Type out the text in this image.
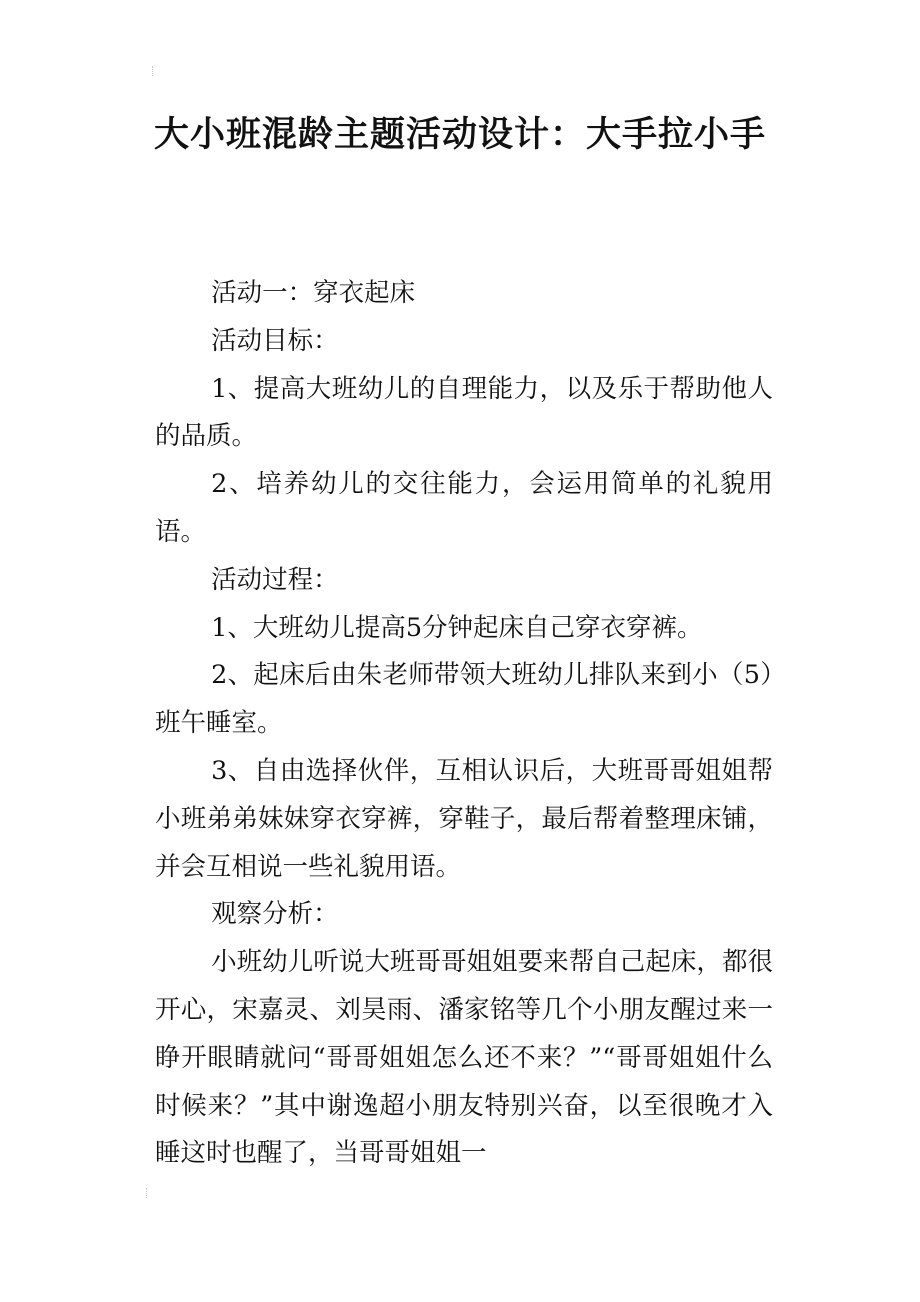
大小班混龄主题活动设计：大手拉小手

活动一：穿衣起床

活动目标：

1、提高大班幼儿的自理能力，以及乐于帮助他人的品质。

2、培养幼儿的交往能力，会运用简单的礼貌用语。

活动过程：

1、大班幼儿提高5分钟起床自己穿衣穿裤。

2、起床后由朱老师带领大班幼儿排队来到小（5）班午睡室。

3、自由选择伙伴，互相认识后，大班哥哥姐姐帮小班弟弟妹妹穿衣穿裤，穿鞋子，最后帮着整理床铺，并会互相说一些礼貌用语。

观察分析：

小班幼儿听说大班哥哥姐姐要来帮自己起床，都很开心，宋嘉灵、刘昊雨、潘家铭等几个小朋友醒过来一睁开眼睛就问“哥哥姐姐怎么还不来？”“哥哥姐姐什么时候来？”其中谢逸超小朋友特别兴奋，以至很晚才入睡这时也醒了，当哥哥姐姐一
